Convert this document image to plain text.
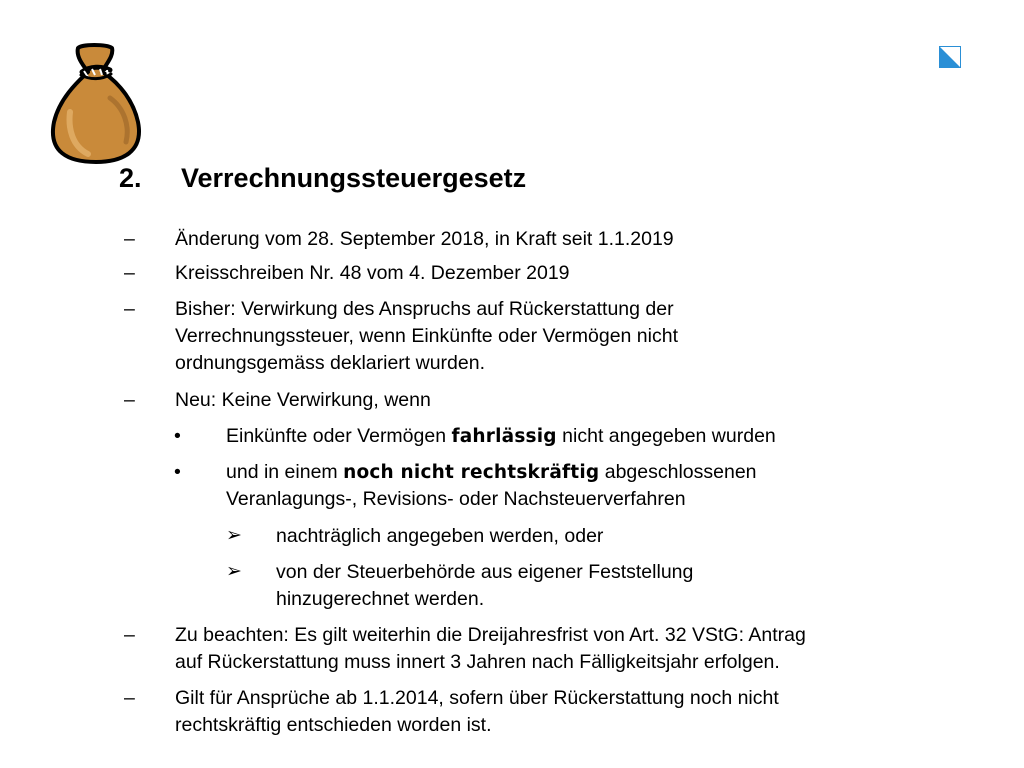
2. Verrechnungssteuergesetz
– Änderung vom 28. September 2018, in Kraft seit 1.1.2019
– Kreisschreiben Nr. 48 vom 4. Dezember 2019
– Bisher: Verwirkung des Anspruchs auf Rückerstattung der
Verrechnungssteuer, wenn Einkünfte oder Vermögen nicht
ordnungsgemäss deklariert wurden.
– Neu: Keine Verwirkung, wenn
• Einkünfte oder Vermögen fahrlässig nicht angegeben wurden
• und in einem noch nicht rechtskräftig abgeschlossenen
Veranlagungs-, Revisions- oder Nachsteuerverfahren
➢ nachträglich angegeben werden, oder
➢ von der Steuerbehörde aus eigener Feststellung
hinzugerechnet werden.
– Zu beachten: Es gilt weiterhin die Dreijahresfrist von Art. 32 VStG: Antrag
auf Rückerstattung muss innert 3 Jahren nach Fälligkeitsjahr erfolgen.
– Gilt für Ansprüche ab 1.1.2014, sofern über Rückerstattung noch nicht
rechtskräftig entschieden worden ist.
